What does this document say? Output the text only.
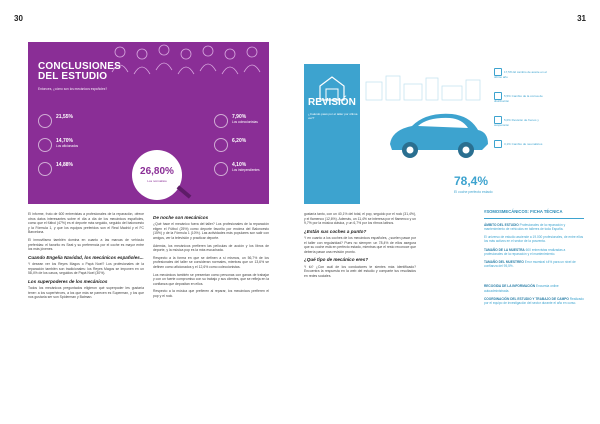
30	31
CONCLUSIONES
DEL ESTUDIO
Entonces, ¿cómo son los mecánicos españoles?
21,55%
14,70%
Los aficionados
14,88%
7,90%
Los coleccionistas
6,20%
4,10%
Los independientes
26,80%
Los normalitos

El informe, fruto de 600 entrevistas a profesionales de la reparación, ofrece otros datos interesantes sobre el día a día de los mecánicos españoles, como que el fútbol (47%) es el deporte más seguido, seguido del baloncesto y la Fórmula 1, y que los equipos preferidos son el Real Madrid y el FC Barcelona.

El inmovilismo también domina en cuanto a las marcas de vehículo preferidas: el favorito es Seat y su preferencia por el coche es mayor entre los más jóvenes.

Cuando Engelia Navidad, los mecánicos españoles...

Y desean ver los Reyes Magos o Papá Noel? Los profesionales de la reparación también son tradicionales: los Reyes Magos se imponen en un 58,4% de los casos, seguidos de Papá Noel (30%).

Los superpoderes de los mecánicos

Todos los mecánicos preguntados eligieron qué superpoder les gustaría tener: a los superhéroes, a los que más se parecen es Superman, y los que nos gustaría ser son Spiderman y Batman.

De noche son mecánicos

¿Qué hace el mecánico fuera del taller? Los profesionales de la reparación eligen el Fútbol (25%) como deporte favorito por encima del Baloncesto (15%) y de la Fórmula 1 (10%). Las actividades más populares son salir con amigos, ver la televisión y practicar deporte.

Además, los mecánicos prefieren las películas de acción y los libros de deporte, y la música pop es la más escuchada.

Respecto a la forma en que se definen a sí mismos, un 56,7% de los profesionales del taller se consideran normales, mientras que un 13,6% se definen como aficionados y el 12,6% como coleccionistas.

Los mecánicos también se presentan como personas con ganas de trabajar y con un fuerte compromiso con su trabajo y sus clientes, que se refleja en la confianza que depositan en ellos.

Respecto a la música que prefieren al reparar, los mecánicos prefieren el pop y el rock.

REVISIÓN
¿Cuándo pasó por el taller por última vez?
78,4%
El coche perfecto estado
17,5% El cambio de aceite en el último año
5,5% Cambio de la correa de distribución
5,0% Revisión de frenos y suspensión
3,1% Cambio de neumáticos

gustaría tanto, con un 40,1% del total, el pop, seguido por el rock (31,4%), y el flamenco (12,6%). Además, un 11,4% se interesa por el flamenco y un 9,7% por la música clásica, y un 6,7% por los ritmos latinos.

¿Están sus coches a punto?

Y en cuanto a los coches de los mecánicos españoles, ¿suelen pasar por el taller con regularidad? Pues no siempre: un 78,4% de ellos asegura que su coche está en perfecto estado, mientras que el resto reconoce que debería pasar una revisión pronto.

¿Qué tipo de mecánico eres?

Y tú? ¿Con cuál de los conductores te sientes más identificado? Encuentra la respuesta en la web del estudio y comparte tus resultados en redes sociales.

#SOMOSMECÁNICOS: FICHA TÉCNICA

ÁMBITO DEL ESTUDIO Profesionales de la reparación y mantenimiento de vehículos en talleres de toda España.

El universo de estudio asciende a 19.000 profesionales, de entre ellos los más activos en el sector de la posventa.

TAMAÑO DE LA MUESTRA 600 entrevistas realizadas a profesionales de la reparación y el mantenimiento.

TAMAÑO DEL MUESTREO Error muestral ±4% para un nivel de confianza del 95,5%.

RECOGIDA DE LA INFORMACIÓN Encuesta online autoadministrada.

COORDINACIÓN DEL ESTUDIO Y TRABAJO DE CAMPO Realizado por el equipo de investigación del sector durante el año en curso.
